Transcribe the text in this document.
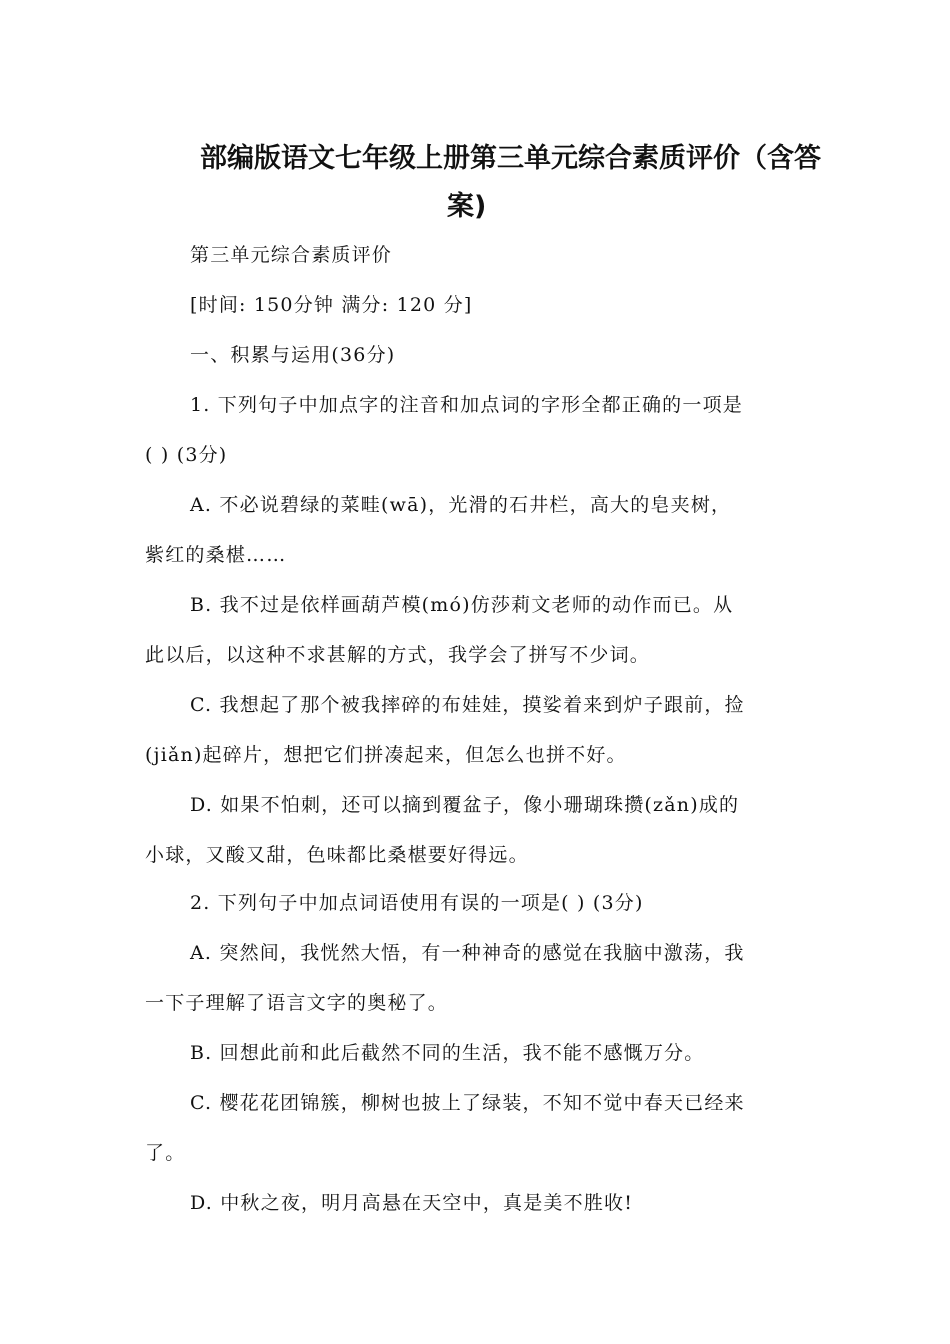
部编版语文七年级上册第三单元综合素质评价（含答
案)
第三单元综合素质评价
[时间: 150分钟 满分: 120 分]
一、积累与运用(36分)
1. 下列句子中加点字的注音和加点词的字形全都正确的一项是
( ) (3分)
A. 不必说碧绿的菜畦(wā)，光滑的石井栏，高大的皂夹树，
紫红的桑椹……
B. 我不过是依样画葫芦模(mó)仿莎莉文老师的动作而已。从
此以后，以这种不求甚解的方式，我学会了拼写不少词。
C. 我想起了那个被我摔碎的布娃娃，摸娑着来到炉子跟前，捡
(jiǎn)起碎片，想把它们拼凑起来，但怎么也拼不好。
D. 如果不怕刺，还可以摘到覆盆子，像小珊瑚珠攒(zǎn)成的
小球，又酸又甜，色味都比桑椹要好得远。
2. 下列句子中加点词语使用有误的一项是( ) (3分)
A. 突然间，我恍然大悟，有一种神奇的感觉在我脑中激荡，我
一下子理解了语言文字的奥秘了。
B. 回想此前和此后截然不同的生活，我不能不感慨万分。
C. 樱花花团锦簇，柳树也披上了绿装，不知不觉中春天已经来
了。
D. 中秋之夜，明月高悬在天空中，真是美不胜收!
